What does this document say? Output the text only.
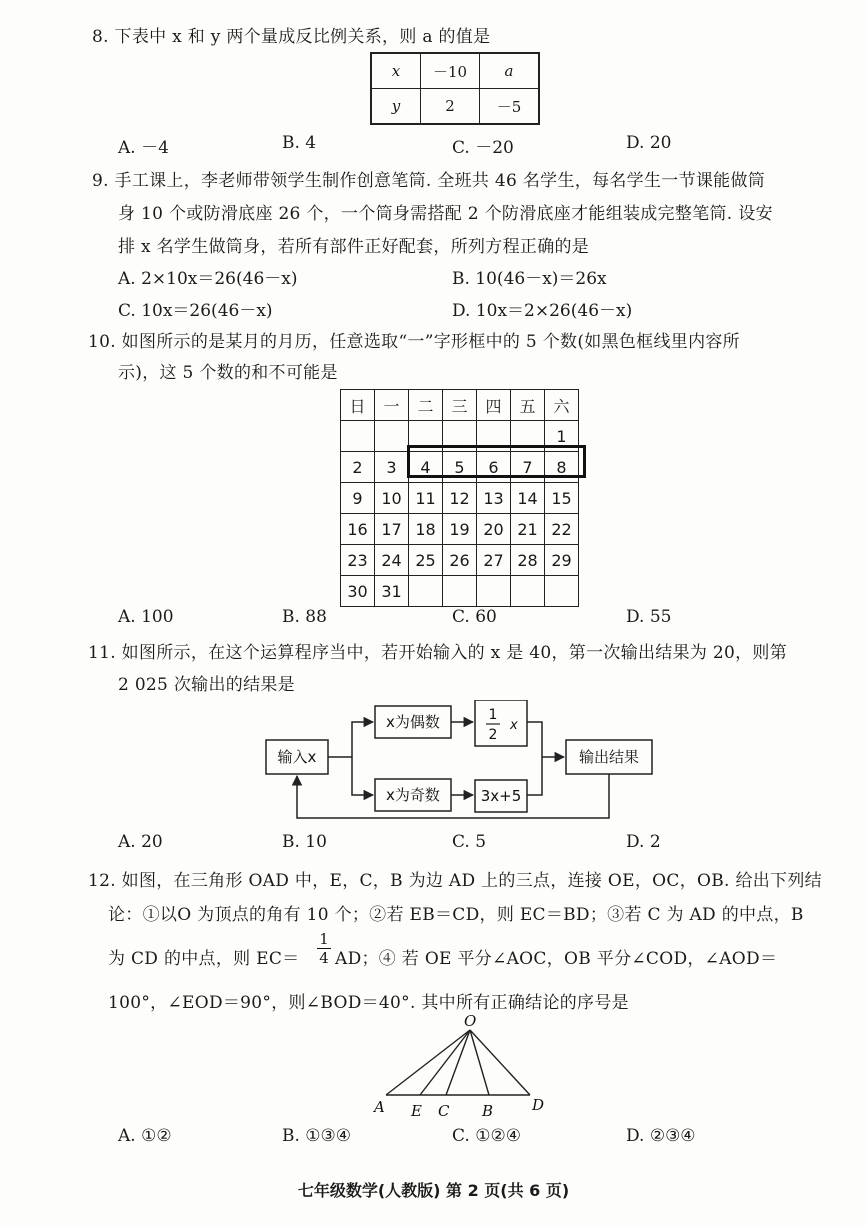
8. 下表中 x 和 y 两个量成反比例关系，则 a 的值是
x	－10	a
y	2	－5
A. －4	B. 4	C. －20	D. 20
9. 手工课上，李老师带领学生制作创意笔筒. 全班共 46 名学生，每名学生一节课能做筒
身 10 个或防滑底座 26 个，一个筒身需搭配 2 个防滑底座才能组装成完整笔筒. 设安
排 x 名学生做筒身，若所有部件正好配套，所列方程正确的是
A. 2×10x＝26(46－x)	B. 10(46－x)＝26x
C. 10x＝26(46－x)	D. 10x＝2×26(46－x)
10. 如图所示的是某月的月历，任意选取“一”字形框中的 5 个数(如黑色框线里内容所
示)，这 5 个数的和不可能是
日	一	二	三	四	五	六
						1
2	3	4	5	6	7	8
9	10	11	12	13	14	15
16	17	18	19	20	21	22
23	24	25	26	27	28	29
30	31					
A. 100	B. 88	C. 60	D. 55
11. 如图所示，在这个运算程序当中，若开始输入的 x 是 40，第一次输出结果为 20，则第
2 025 次输出的结果是
输入x
x为偶数	1
2
x
x为奇数	3x+5
输出结果
A. 20	B. 10	C. 5	D. 2
12. 如图，在三角形 OAD 中，E，C，B 为边 AD 上的三点，连接 OE，OC，OB. 给出下列结
论：①以O 为顶点的角有 10 个；②若 EB＝CD，则 EC＝BD；③若 C 为 AD 的中点，B
为 CD 的中点，则 $EC= \frac{1}{4}$ AD；④ 若 OE 平分∠AOC，OB 平分∠COD，∠AOD＝
100°，∠EOD＝90°，则∠BOD＝40°. 其中所有正确结论的序号是
O
A E C B	D
A. ①②	B. ①③④	C. ①②④	D. ②③④
七年级数学(人教版) 第 2 页(共 6 页)
